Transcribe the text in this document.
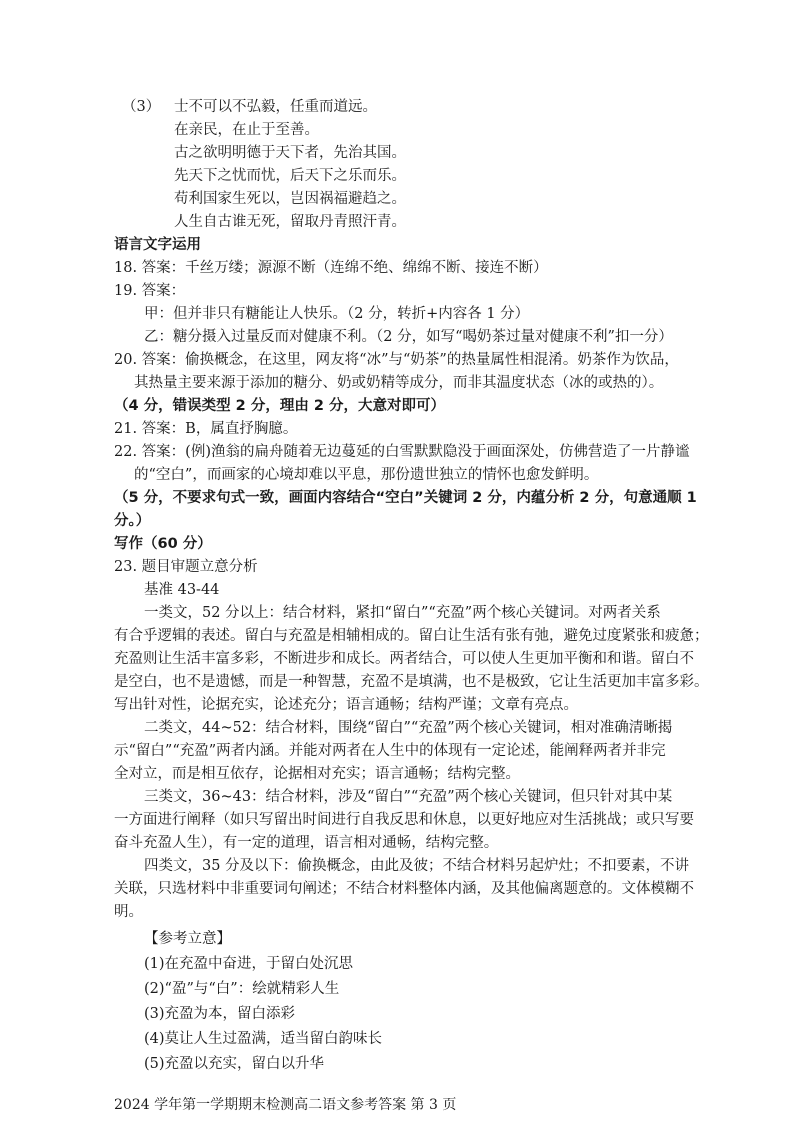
（3） 士不可以不弘毅，任重而道远。
在亲民，在止于至善。
古之欲明明德于天下者，先治其国。
先天下之忧而忧，后天下之乐而乐。
苟利国家生死以，岂因祸福避趋之。
人生自古谁无死，留取丹青照汗青。
语言文字运用
18. 答案：千丝万缕；源源不断（连绵不绝、绵绵不断、接连不断）
19. 答案：
甲：但并非只有糖能让人快乐。（2 分，转折+内容各 1 分）
乙：糖分摄入过量反而对健康不利。（2 分，如写“喝奶茶过量对健康不利”扣一分）
20. 答案：偷换概念，在这里，网友将“冰”与“奶茶”的热量属性相混淆。奶茶作为饮品，
其热量主要来源于添加的糖分、奶或奶精等成分，而非其温度状态（冰的或热的）。
（4 分，错误类型 2 分，理由 2 分，大意对即可）
21. 答案：B，属直抒胸臆。
22. 答案：(例)渔翁的扁舟随着无边蔓延的白雪默默隐没于画面深处，仿佛营造了一片静谧
的“空白”，而画家的心境却难以平息，那份遗世独立的情怀也愈发鲜明。
（5 分，不要求句式一致，画面内容结合“空白”关键词 2 分，内蕴分析 2 分，句意通顺 1
分。）
写作（60 分）
23. 题目审题立意分析
基准 43-44
一类文，52 分以上：结合材料，紧扣“留白”“充盈”两个核心关键词。对两者关系
有合乎逻辑的表述。留白与充盈是相辅相成的。留白让生活有张有弛，避免过度紧张和疲惫；
充盈则让生活丰富多彩，不断进步和成长。两者结合，可以使人生更加平衡和和谐。留白不
是空白，也不是遗憾，而是一种智慧，充盈不是填满，也不是极致，它让生活更加丰富多彩。
写出针对性，论据充实，论述充分；语言通畅；结构严谨；文章有亮点。
二类文，44~52：结合材料，围绕“留白”“充盈”两个核心关键词，相对准确清晰揭
示“留白”“充盈”两者内涵。并能对两者在人生中的体现有一定论述，能阐释两者并非完
全对立，而是相互依存，论据相对充实；语言通畅；结构完整。
三类文，36~43：结合材料，涉及“留白”“充盈”两个核心关键词，但只针对其中某
一方面进行阐释（如只写留出时间进行自我反思和休息，以更好地应对生活挑战；或只写要
奋斗充盈人生），有一定的道理，语言相对通畅，结构完整。
四类文，35 分及以下：偷换概念，由此及彼；不结合材料另起炉灶；不扣要素，不讲
关联，只选材料中非重要词句阐述；不结合材料整体内涵，及其他偏离题意的。文体模糊不
明。
【参考立意】
(1)在充盈中奋进，于留白处沉思
(2)“盈”与“白”：绘就精彩人生
(3)充盈为本，留白添彩
(4)莫让人生过盈满，适当留白韵味长
(5)充盈以充实，留白以升华
2024 学年第一学期期末检测高二语文参考答案 第 3 页
